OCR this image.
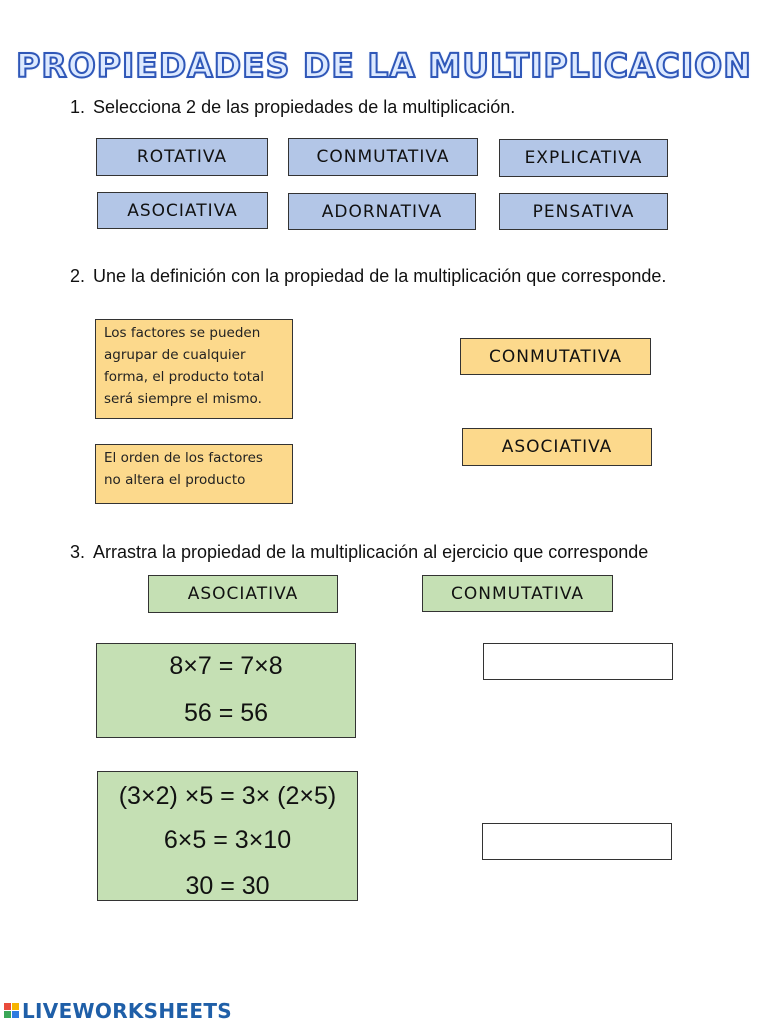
PROPIEDADES DE LA MULTIPLICACION
1. Selecciona 2 de las propiedades de la multiplicación.
ROTATIVA	CONMUTATIVA	EXPLICATIVA
ASOCIATIVA	ADORNATIVA	PENSATIVA
2. Une la definición con la propiedad de la multiplicación que corresponde.
Los factores se pueden
agrupar de cualquier
forma, el producto total
será siempre el mismo.
El orden de los factores
no altera el producto
CONMUTATIVA
ASOCIATIVA
3. Arrastra la propiedad de la multiplicación al ejercicio que corresponde
ASOCIATIVA	CONMUTATIVA
8×7 = 7×8
56 = 56
(3×2) ×5 = 3× (2×5)
6×5 = 3×10
30 = 30
LIVEWORKSHEETS
